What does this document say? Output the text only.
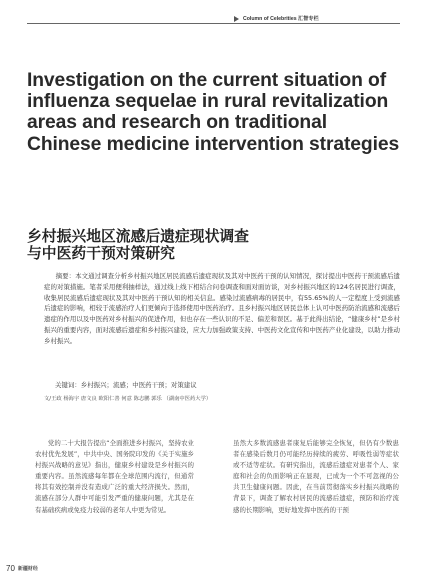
Column of Celebrities 汇智专栏
Investigation on the current situation of influenza sequelae in rural revitalization areas and research on traditional Chinese medicine intervention strategies
乡村振兴地区流感后遗症现状调查
与中医药干预对策研究

摘要：本文通过调查分析乡村振兴地区居民流感后遗症现状及其对中医药干预的认知情况，探讨提出中医药干预流感后遗症的对策措施。笔者采用便利抽样法，通过线上线下相结合问卷调查和面对面访谈，对乡村振兴地区的124名居民进行调查，收集居民流感后遗症现状及其对中医药干预认知的相关信息。感染过流感病毒的居民中，有55.65%的人一定程度上受到流感后遗症的影响，相较于流感治疗人们更倾向于选择使用中医药治疗。且乡村振兴地区居民总体上认可中医药防治流感和流感后遗症的作用以及中医药对乡村振兴的促进作用，但也存在一些认识的不足、偏差和误区。基于此得出结论，“健康乡村”是乡村振兴的重要内容，面对流感后遗症和乡村振兴建设，应大力加强政策支持、中医药文化宣传和中医药产业化建设，以助力推动乡村振兴。

关键词：乡村振兴；流感；中医药干预；对策建议
文/王政 杨海宇 唐文良 欧阳仁善 何意 陈志鹏 郭乐 （湖南中医药大学）

党的二十大报告提出“全面推进乡村振兴，坚持农业农村优先发展”，中共中央、国务院印发的《关于实施乡村振兴战略的意见》指出，健康乡村建设是乡村振兴的重要内容。虽然流感每年都在全球范围内流行，但通常将其有效控制并没有造成广泛的重大经济损失。然而，流感在部分人群中可能引发严重的健康问题，尤其是在有基础疾病或免疫力较弱的老年人中更为常见。

虽然大多数流感患者康复后能够完全恢复，但仍有少数患者在感染后数月仍可能经历持续的疲劳、呼吸性弱等症状或不适等症状。有研究指出，流感后遗症对患者个人、家庭和社会的负面影响正在显现，已成为一个不可忽视的公共卫生健康问题。因此，在当前贯彻落实乡村振兴战略的背景下，调查了解农村居民的流感后遗症，预防和治疗流感的长期影响，更好地发挥中医药的干预

70 新疆财经
